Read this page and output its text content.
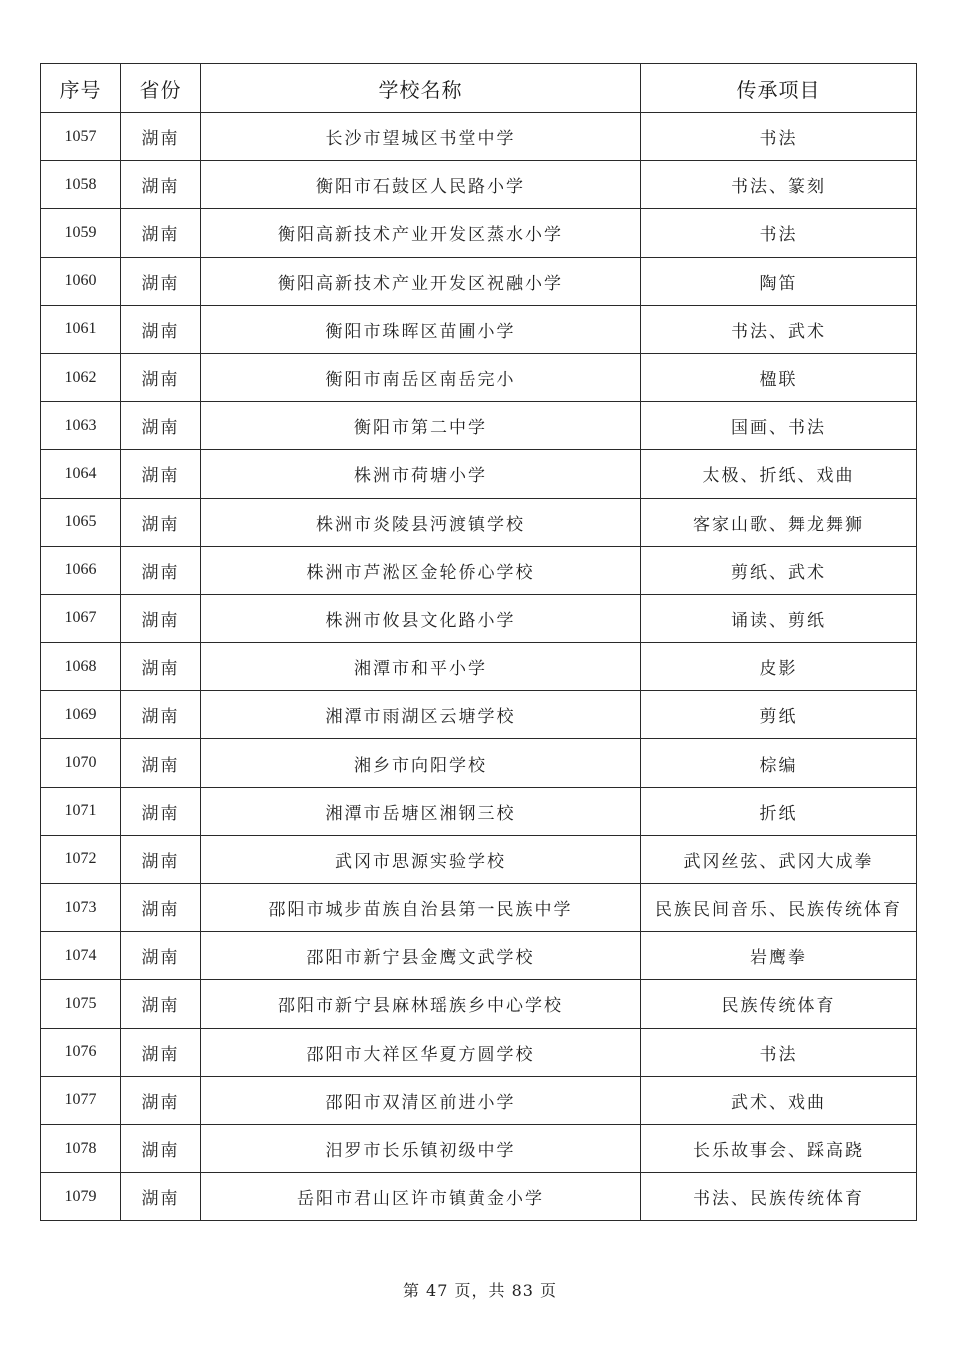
序号	省份	学校名称	传承项目
1057	湖南	长沙市望城区书堂中学	书法
1058	湖南	衡阳市石鼓区人民路小学	书法、篆刻
1059	湖南	衡阳高新技术产业开发区蒸水小学	书法
1060	湖南	衡阳高新技术产业开发区祝融小学	陶笛
1061	湖南	衡阳市珠晖区苗圃小学	书法、武术
1062	湖南	衡阳市南岳区南岳完小	楹联
1063	湖南	衡阳市第二中学	国画、书法
1064	湖南	株洲市荷塘小学	太极、折纸、戏曲
1065	湖南	株洲市炎陵县沔渡镇学校	客家山歌、舞龙舞狮
1066	湖南	株洲市芦淞区金轮侨心学校	剪纸、武术
1067	湖南	株洲市攸县文化路小学	诵读、剪纸
1068	湖南	湘潭市和平小学	皮影
1069	湖南	湘潭市雨湖区云塘学校	剪纸
1070	湖南	湘乡市向阳学校	棕编
1071	湖南	湘潭市岳塘区湘钢三校	折纸
1072	湖南	武冈市思源实验学校	武冈丝弦、武冈大成拳
1073	湖南	邵阳市城步苗族自治县第一民族中学	民族民间音乐、民族传统体育
1074	湖南	邵阳市新宁县金鹰文武学校	岩鹰拳
1075	湖南	邵阳市新宁县麻林瑶族乡中心学校	民族传统体育
1076	湖南	邵阳市大祥区华夏方圆学校	书法
1077	湖南	邵阳市双清区前进小学	武术、戏曲
1078	湖南	汨罗市长乐镇初级中学	长乐故事会、踩高跷
1079	湖南	岳阳市君山区许市镇黄金小学	书法、民族传统体育
第 47 页，共 83 页
